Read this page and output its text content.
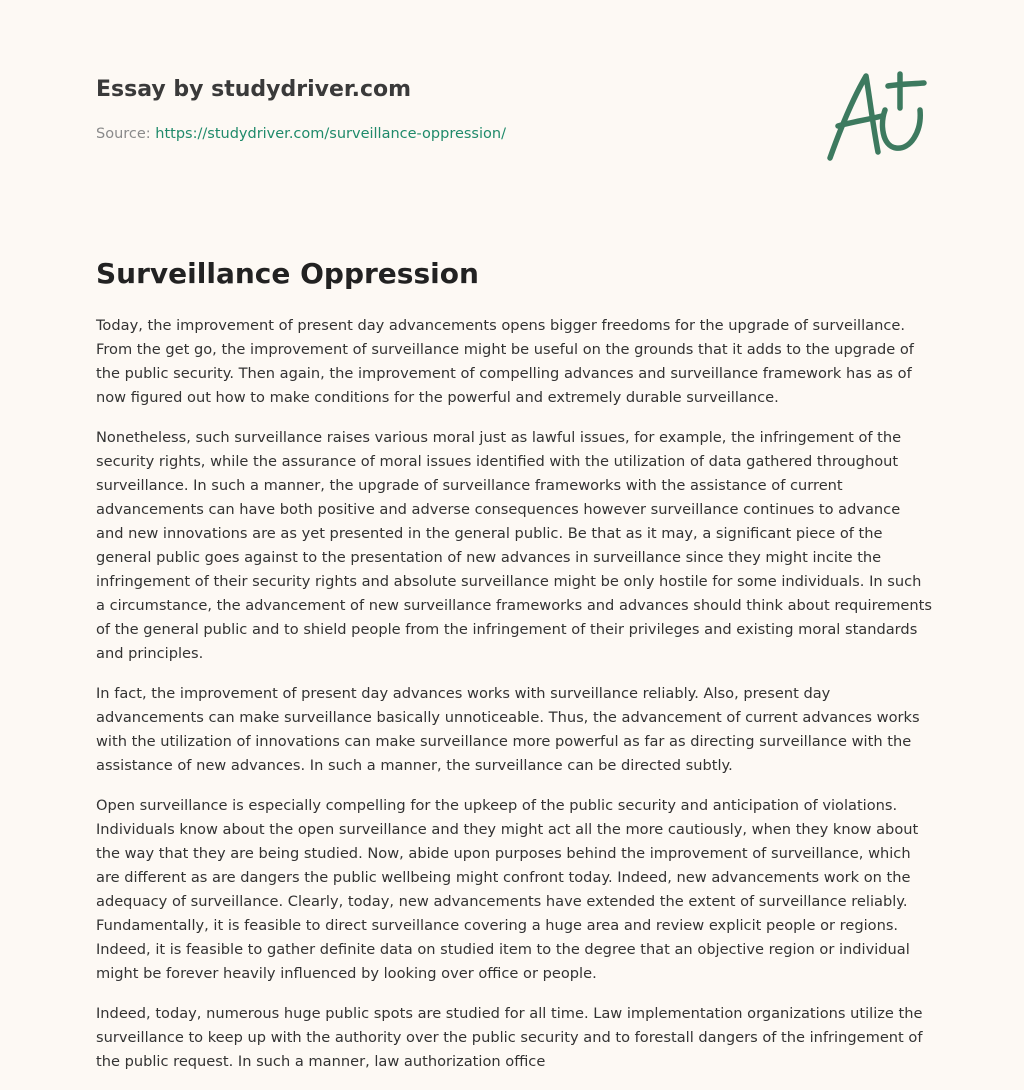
Essay by studydriver.com
Source: https://studydriver.com/surveillance-oppression/
Surveillance Oppression

Today, the improvement of present day advancements opens bigger freedoms for the upgrade of surveillance. From the get go, the improvement of surveillance might be useful on the grounds that it adds to the upgrade of the public security. Then again, the improvement of compelling advances and surveillance framework has as of now figured out how to make conditions for the powerful and extremely durable surveillance.

Nonetheless, such surveillance raises various moral just as lawful issues, for example, the infringement of the security rights, while the assurance of moral issues identified with the utilization of data gathered throughout surveillance. In such a manner, the upgrade of surveillance frameworks with the assistance of current advancements can have both positive and adverse consequences however surveillance continues to advance and new innovations are as yet presented in the general public. Be that as it may, a significant piece of the general public goes against to the presentation of new advances in surveillance since they might incite the infringement of their security rights and absolute surveillance might be only hostile for some individuals. In such a circumstance, the advancement of new surveillance frameworks and advances should think about requirements of the general public and to shield people from the infringement of their privileges and existing moral standards and principles.

In fact, the improvement of present day advances works with surveillance reliably. Also, present day advancements can make surveillance basically unnoticeable. Thus, the advancement of current advances works with the utilization of innovations can make surveillance more powerful as far as directing surveillance with the assistance of new advances. In such a manner, the surveillance can be directed subtly.

Open surveillance is especially compelling for the upkeep of the public security and anticipation of violations. Individuals know about the open surveillance and they might act all the more cautiously, when they know about the way that they are being studied. Now, abide upon purposes behind the improvement of surveillance, which are different as are dangers the public wellbeing might confront today. Indeed, new advancements work on the adequacy of surveillance. Clearly, today, new advancements have extended the extent of surveillance reliably. Fundamentally, it is feasible to direct surveillance covering a huge area and review explicit people or regions. Indeed, it is feasible to gather definite data on studied item to the degree that an objective region or individual might be forever heavily influenced by looking over office or people.

Indeed, today, numerous huge public spots are studied for all time. Law implementation organizations utilize the surveillance to keep up with the authority over the public security and to forestall dangers of the infringement of the public request. In such a manner, law authorization office
